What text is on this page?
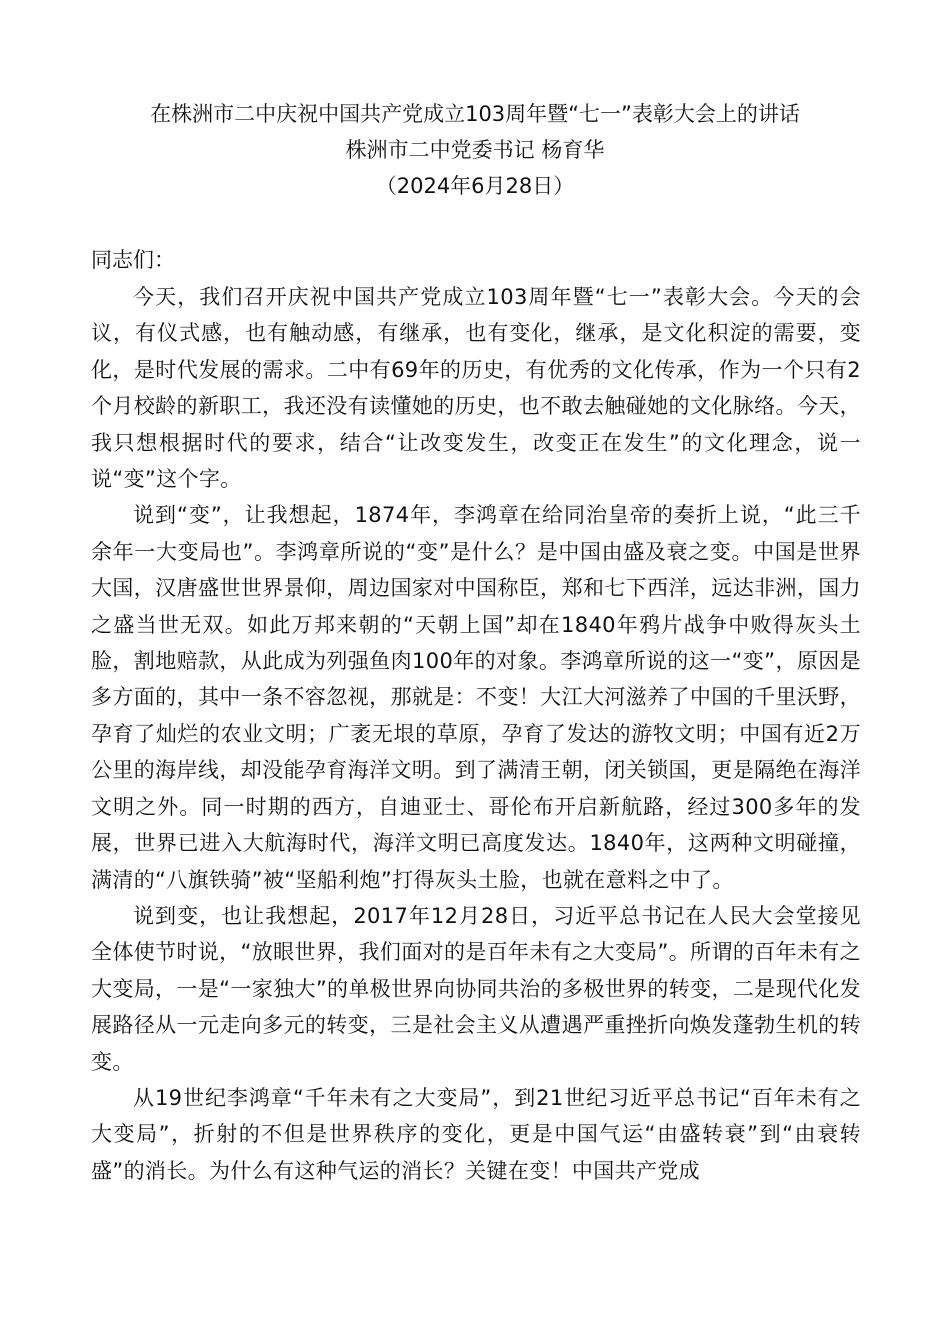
在株洲市二中庆祝中国共产党成立103周年暨“七一”表彰大会上的讲话
株洲市二中党委书记 杨育华
（2024年6月28日）
同志们：

今天，我们召开庆祝中国共产党成立103周年暨“七一”表彰大会。今天的会议，有仪式感，也有触动感，有继承，也有变化，继承，是文化积淀的需要，变化，是时代发展的需求。二中有69年的历史，有优秀的文化传承，作为一个只有2个月校龄的新职工，我还没有读懂她的历史，也不敢去触碰她的文化脉络。今天，我只想根据时代的要求，结合“让改变发生，改变正在发生”的文化理念，说一说“变”这个字。

说到“变”，让我想起，1874年，李鸿章在给同治皇帝的奏折上说，“此三千余年一大变局也”。李鸿章所说的“变”是什么？是中国由盛及衰之变。中国是世界大国，汉唐盛世世界景仰，周边国家对中国称臣，郑和七下西洋，远达非洲，国力之盛当世无双。如此万邦来朝的“天朝上国”却在1840年鸦片战争中败得灰头土脸，割地赔款，从此成为列强鱼肉100年的对象。李鸿章所说的这一“变”，原因是多方面的，其中一条不容忽视，那就是：不变！大江大河滋养了中国的千里沃野，孕育了灿烂的农业文明；广袤无垠的草原，孕育了发达的游牧文明；中国有近2万公里的海岸线，却没能孕育海洋文明。到了满清王朝，闭关锁国，更是隔绝在海洋文明之外。同一时期的西方，自迪亚士、哥伦布开启新航路，经过300多年的发展，世界已进入大航海时代，海洋文明已高度发达。1840年，这两种文明碰撞，满清的“八旗铁骑”被“坚船利炮”打得灰头土脸，也就在意料之中了。

说到变，也让我想起，2017年12月28日，习近平总书记在人民大会堂接见全体使节时说，“放眼世界，我们面对的是百年未有之大变局”。所谓的百年未有之大变局，一是“一家独大”的单极世界向协同共治的多极世界的转变，二是现代化发展路径从一元走向多元的转变，三是社会主义从遭遇严重挫折向焕发蓬勃生机的转变。

从19世纪李鸿章“千年未有之大变局”，到21世纪习近平总书记“百年未有之大变局”，折射的不但是世界秩序的变化，更是中国气运“由盛转衰”到“由衰转盛”的消长。为什么有这种气运的消长？关键在变！中国共产党成
